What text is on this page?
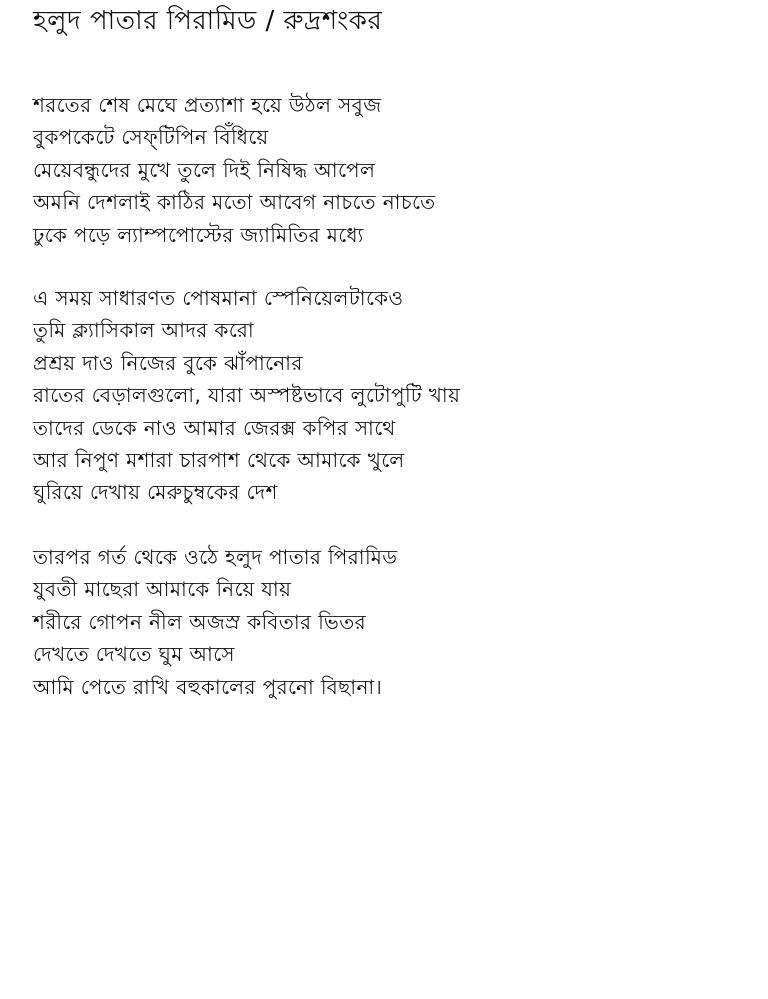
হলুদ পাতার পিরামিড / রুদ্রশংকর
শরতের শেষ মেঘে প্রত্যাশা হয়ে উঠল সবুজ
বুকপকেটে সেফ্‌টিপিন বিঁধিয়ে
মেয়েবন্ধুদের মুখে তুলে দিই নিষিদ্ধ আপেল
অমনি দেশলাই কাঠির মতো আবেগ নাচতে নাচতে
ঢুকে পড়ে ল্যাম্পপোস্টের জ্যামিতির মধ্যে
এ সময় সাধারণত পোষমানা স্পেনিয়েলটাকেও
তুমি ক্ল্যাসিকাল আদর করো
প্রশ্রয় দাও নিজের বুকে ঝাঁপানোর
রাতের বেড়ালগুলো, যারা অস্পষ্টভাবে লুটোপুটি খায়
তাদের ডেকে নাও আমার জেরক্স কপির সাথে
আর নিপুণ মশারা চারপাশ থেকে আমাকে খুলে
ঘুরিয়ে দেখায় মেরুচুম্বকের দেশ
তারপর গর্ত থেকে ওঠে হলুদ পাতার পিরামিড
যুবতী মাছেরা আমাকে নিয়ে যায়
শরীরে গোপন নীল অজস্র কবিতার ভিতর
দেখতে দেখতে ঘুম আসে
আমি পেতে রাখি বহুকালের পুরনো বিছানা।
